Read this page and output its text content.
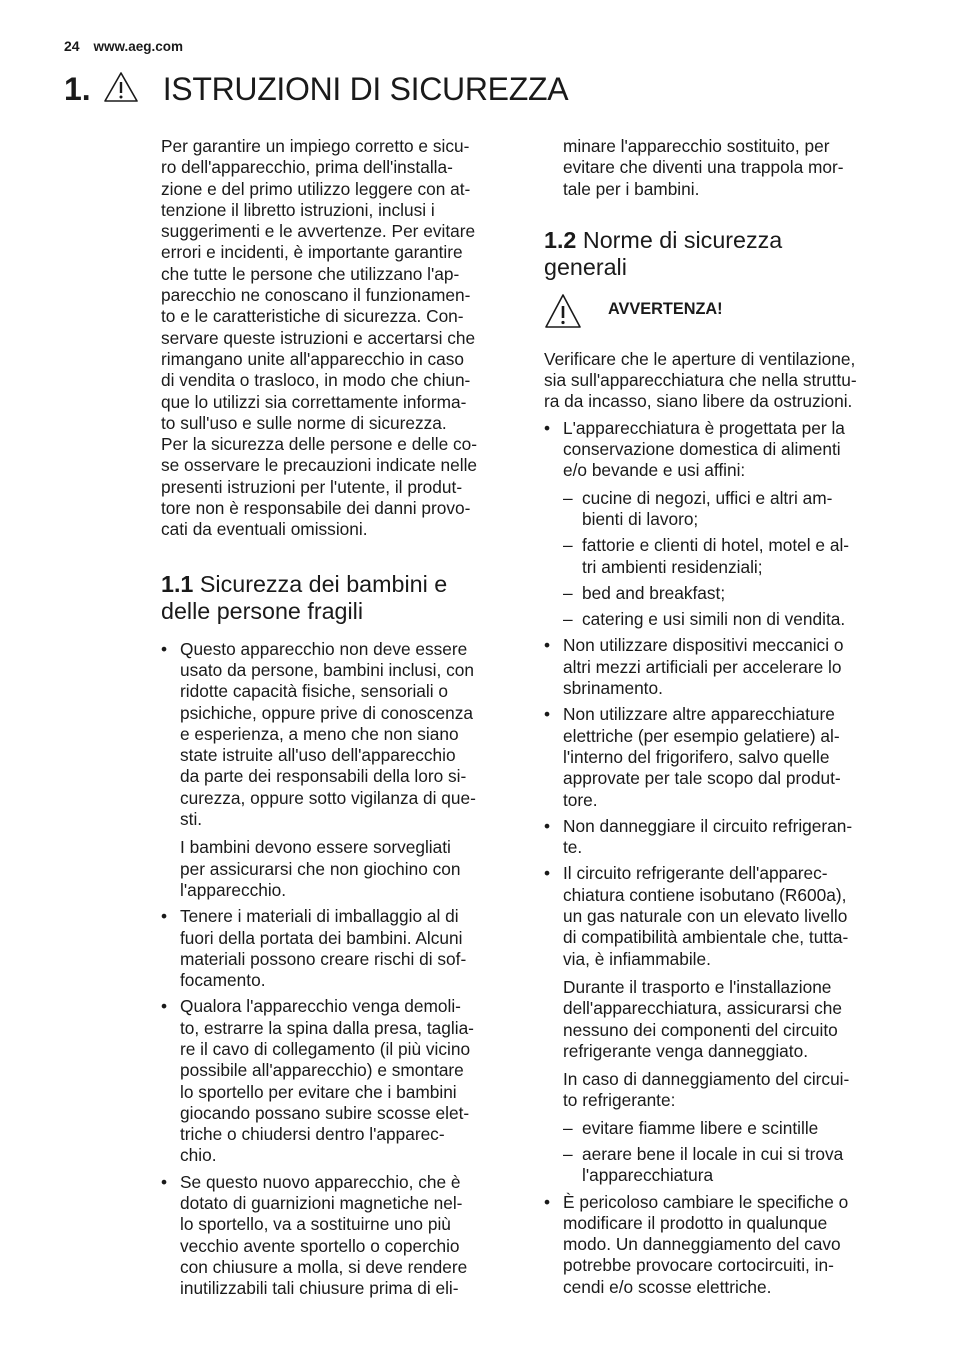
24 www.aeg.com
1. ISTRUZIONI DI SICUREZZA

Per garantire un impiego corretto e sicu-
ro dell'apparecchio, prima dell'installa-
zione e del primo utilizzo leggere con at-
tenzione il libretto istruzioni, inclusi i
suggerimenti e le avvertenze. Per evitare
errori e incidenti, è importante garantire
che tutte le persone che utilizzano l'ap-
parecchio ne conoscano il funzionamen-
to e le caratteristiche di sicurezza. Con-
servare queste istruzioni e accertarsi che
rimangano unite all'apparecchio in caso
di vendita o trasloco, in modo che chiun-
que lo utilizzi sia correttamente informa-
to sull'uso e sulle norme di sicurezza.
Per la sicurezza delle persone e delle co-
se osservare le precauzioni indicate nelle
presenti istruzioni per l'utente, il produt-
tore non è responsabile dei danni provo-
cati da eventuali omissioni.

1.1 Sicurezza dei bambini e
delle persone fragili

• Questo apparecchio non deve essere
usato da persone, bambini inclusi, con
ridotte capacità fisiche, sensoriali o
psichiche, oppure prive di conoscenza
e esperienza, a meno che non siano
state istruite all'uso dell'apparecchio
da parte dei responsabili della loro si-
curezza, oppure sotto vigilanza di que-
sti.

I bambini devono essere sorvegliati
per assicurarsi che non giochino con
l'apparecchio.

• Tenere i materiali di imballaggio al di
fuori della portata dei bambini. Alcuni
materiali possono creare rischi di sof-
focamento.

• Qualora l'apparecchio venga demoli-
to, estrarre la spina dalla presa, taglia-
re il cavo di collegamento (il più vicino
possibile all'apparecchio) e smontare
lo sportello per evitare che i bambini
giocando possano subire scosse elet-
triche o chiudersi dentro l'apparec-
chio.

• Se questo nuovo apparecchio, che è
dotato di guarnizioni magnetiche nel-
lo sportello, va a sostituirne uno più
vecchio avente sportello o coperchio
con chiusure a molla, si deve rendere
inutilizzabili tali chiusure prima di eli-

minare l'apparecchio sostituito, per
evitare che diventi una trappola mor-
tale per i bambini.

1.2 Norme di sicurezza
generali
AVVERTENZA!

Verificare che le aperture di ventilazione,
sia sull'apparecchiatura che nella struttu-
ra da incasso, siano libere da ostruzioni.

• L'apparecchiatura è progettata per la
conservazione domestica di alimenti
e/o bevande e usi affini:

– cucine di negozi, uffici e altri am-
bienti di lavoro;
– fattorie e clienti di hotel, motel e al-
tri ambienti residenziali;
– bed and breakfast;
– catering e usi simili non di vendita.

• Non utilizzare dispositivi meccanici o
altri mezzi artificiali per accelerare lo
sbrinamento.

• Non utilizzare altre apparecchiature
elettriche (per esempio gelatiere) al-
l'interno del frigorifero, salvo quelle
approvate per tale scopo dal produt-
tore.

• Non danneggiare il circuito refrigeran-
te.

• Il circuito refrigerante dell'apparec-
chiatura contiene isobutano (R600a),
un gas naturale con un elevato livello
di compatibilità ambientale che, tutta-
via, è infiammabile.

Durante il trasporto e l'installazione
dell'apparecchiatura, assicurarsi che
nessuno dei componenti del circuito
refrigerante venga danneggiato.

In caso di danneggiamento del circui-
to refrigerante:

– evitare fiamme libere e scintille
– aerare bene il locale in cui si trova
l'apparecchiatura

• È pericoloso cambiare le specifiche o
modificare il prodotto in qualunque
modo. Un danneggiamento del cavo
potrebbe provocare cortocircuiti, in-
cendi e/o scosse elettriche.
